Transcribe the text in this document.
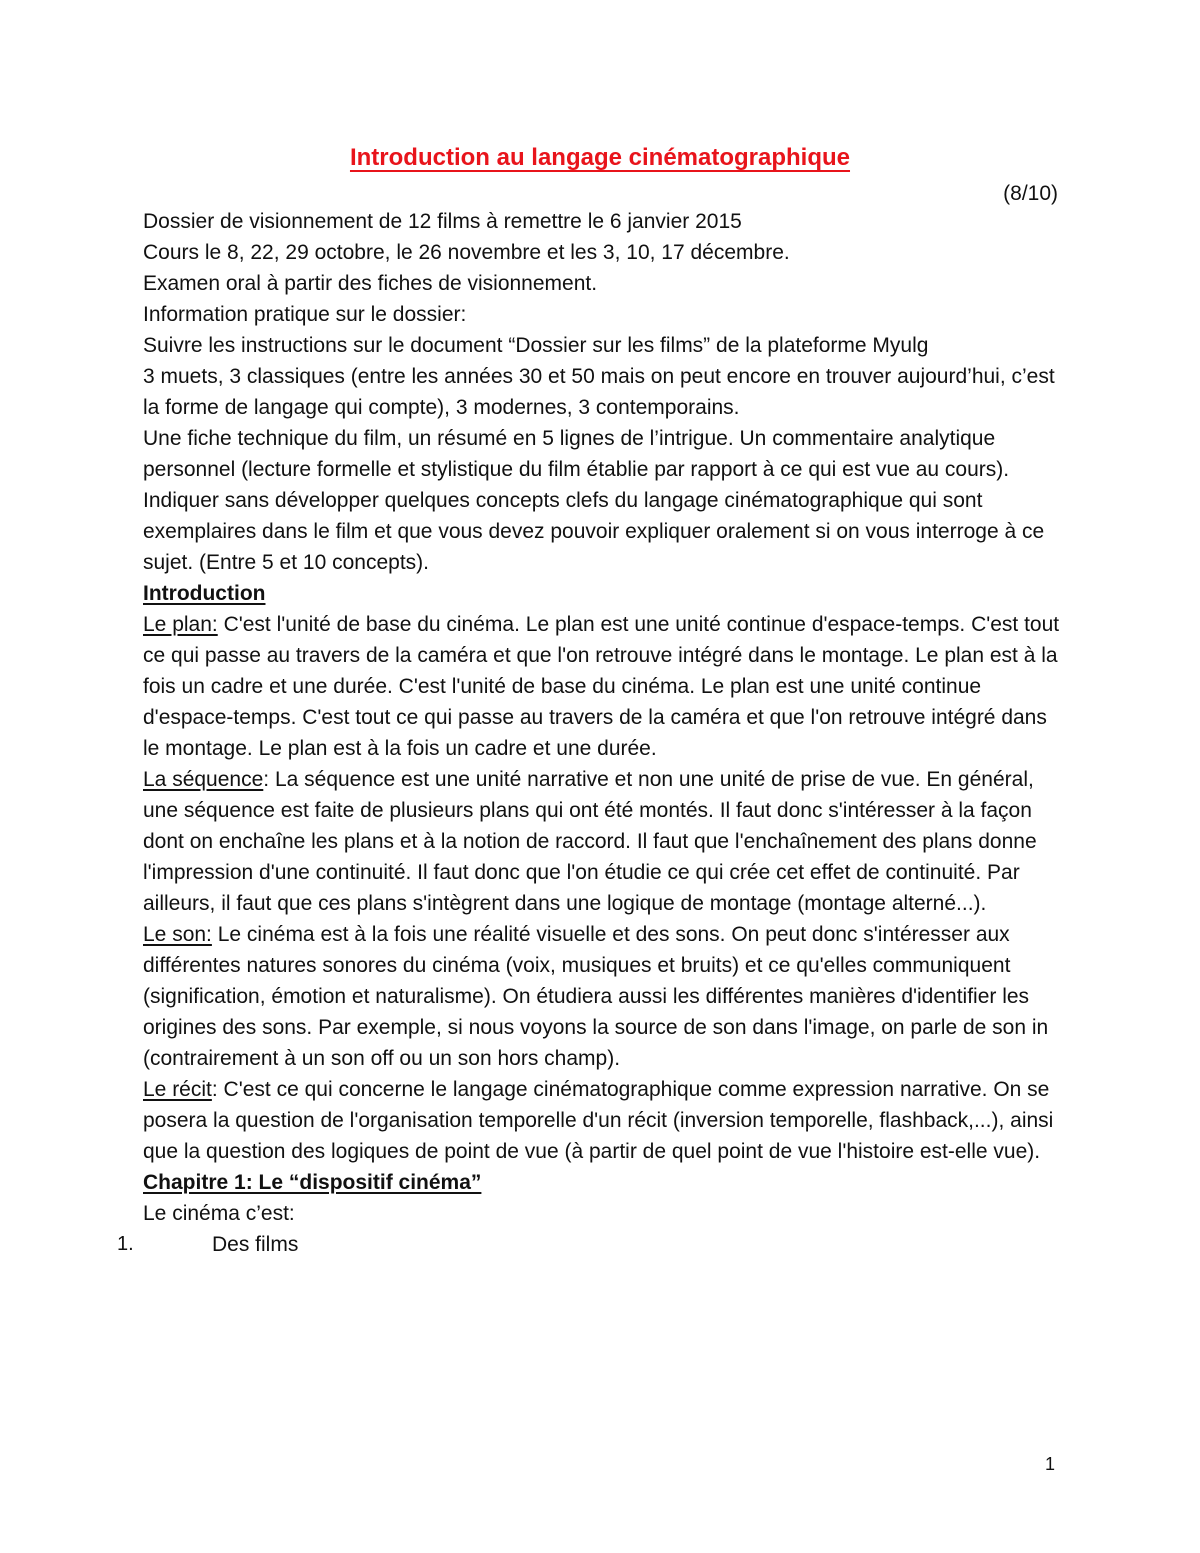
Introduction au langage cinématographique
(8/10)

Dossier de visionnement de 12 films à remettre le 6 janvier 2015

Cours le 8, 22, 29 octobre, le 26 novembre et les 3, 10, 17 décembre.

Examen oral à partir des fiches de visionnement.

Information pratique sur le dossier:

Suivre les instructions sur le document “Dossier sur les films” de la plateforme Myulg

3 muets, 3 classiques (entre les années 30 et 50 mais on peut encore en trouver aujourd’hui, c’est la forme de langage qui compte), 3 modernes, 3 contemporains.

Une fiche technique du film, un résumé en 5 lignes de l’intrigue. Un commentaire analytique personnel (lecture formelle et stylistique du film établie par rapport à ce qui est vue au cours). Indiquer sans développer quelques concepts clefs du langage cinématographique qui sont exemplaires dans le film et que vous devez pouvoir expliquer oralement si on vous interroge à ce sujet. (Entre 5 et 10 concepts).

Introduction

Le plan: C'est l'unité de base du cinéma. Le plan est une unité continue d'espace-temps. C'est tout ce qui passe au travers de la caméra et que l'on retrouve intégré dans le montage. Le plan est à la fois un cadre et une durée. C'est l'unité de base du cinéma. Le plan est une unité continue d'espace-temps. C'est tout ce qui passe au travers de la caméra et que l'on retrouve intégré dans le montage. Le plan est à la fois un cadre et une durée.

La séquence: La séquence est une unité narrative et non une unité de prise de vue. En général, une séquence est faite de plusieurs plans qui ont été montés. Il faut donc s'intéresser à la façon dont on enchaîne les plans et à la notion de raccord. Il faut que l'enchaînement des plans donne l'impression d'une continuité. Il faut donc que l'on étudie ce qui crée cet effet de continuité. Par ailleurs, il faut que ces plans s'intègrent dans une logique de montage (montage alterné...).

Le son: Le cinéma est à la fois une réalité visuelle et des sons. On peut donc s'intéresser aux différentes natures sonores du cinéma (voix, musiques et bruits) et ce qu'elles communiquent (signification, émotion et naturalisme). On étudiera aussi les différentes manières d'identifier les origines des sons. Par exemple, si nous voyons la source de son dans l'image, on parle de son in (contrairement à un son off ou un son hors champ).

Le récit: C'est ce qui concerne le langage cinématographique comme expression narrative. On se posera la question de l'organisation temporelle d'un récit (inversion temporelle, flashback,...), ainsi que la question des logiques de point de vue (à partir de quel point de vue l'histoire est-elle vue).

Chapitre 1: Le “dispositif cinéma”

Le cinéma c’est:

1.	Des films
1
